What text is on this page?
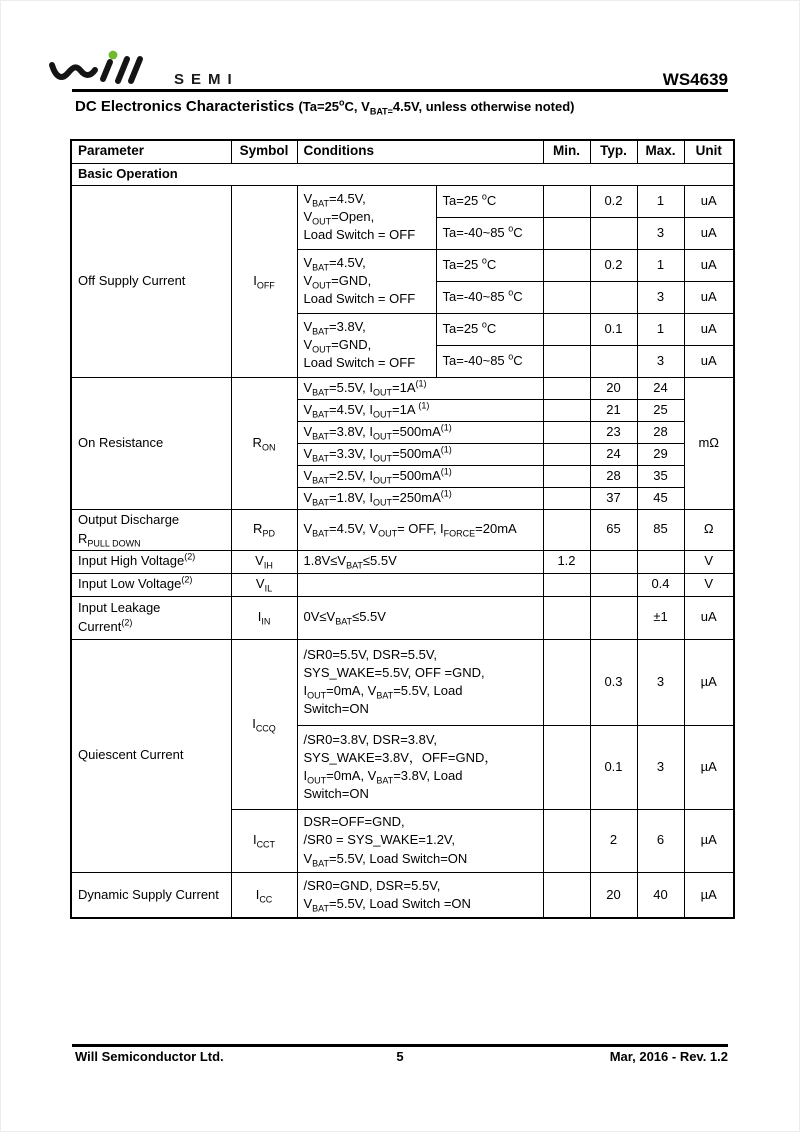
SEMI	WS4639
DC Electronics Characteristics ($Ta=25^oC$, $V_{BAT=}4.5V$, unless otherwise noted)
Parameter	Symbol	Conditions		Min.	Typ.	Max.	Unit
Basic Operation							
Off Supply Current	$I_{OFF}$	$V_{BAT}=4.5V$,
$V_{OUT}=Open$,
Load Switch = OFF	Ta=25 $^o$C		0.2	1	uA
			Ta=-40~85 $^o$C			3	uA
		$V_{BAT}=4.5V$,
$V_{OUT}=GND$,
Load Switch = OFF	Ta=25 $^o$C		0.2	1	uA
			Ta=-40~85 $^o$C			3	uA
		$V_{BAT}=3.8V$,
$V_{OUT}=GND$,
Load Switch = OFF	Ta=25 $^o$C		0.1	1	uA
			Ta=-40~85 $^o$C			3	uA
On Resistance	$R_{ON}$	$V_{BAT}=5.5V$, $I_{OUT}=1A^{(1)}$			20	24	mΩ
		$V_{BAT}=4.5V$, $I_{OUT}=1A$ $^{(1)}$			21	25	
		$V_{BAT}=3.8V$, $I_{OUT}=500mA^{(1)}$			23	28	
		$V_{BAT}=3.3V$, $I_{OUT}=500mA^{(1)}$			24	29	
		$V_{BAT}=2.5V$, $I_{OUT}=500mA^{(1)}$			28	35	
		$V_{BAT}=1.8V$, $I_{OUT}=250mA^{(1)}$			37	45	
Output Discharge
$R_{PULL DOWN}$	$R_{PD}$	$V_{BAT}=4.5V$, $V_{OUT}=$ OFF, $I_{FORCE}=20mA$			65	85	Ω
Input High Voltage$^{(2)}$	$V_{IH}$	$1.8V\le V_{BAT}\le 5.5V$		1.2			V
Input Low Voltage$^{(2)}$	$V_{IL}$					0.4	V
Input Leakage
Current$^{(2)}$	$I_{IN}$	$0V\le V_{BAT}\le 5.5V$				±1	uA
Quiescent Current	$I_{CCQ}$	/SR0=5.5V, DSR=5.5V,
SYS_WAKE=5.5V, OFF =GND,
$I_{OUT}=0mA$, $V_{BAT}=5.5V$, Load
Switch=ON			0.3	3	µA
		/SR0=3.8V, DSR=3.8V,
SYS_WAKE=3.8V，OFF=GND，
$I_{OUT}=0mA$, $V_{BAT}=3.8V$, Load
Switch=ON			0.1	3	µA
	$I_{CCT}$	DSR=OFF=GND,
/SR0 = SYS_WAKE=1.2V,
$V_{BAT}=5.5V$, Load Switch=ON			2	6	µA
Dynamic Supply Current	$I_{CC}$	/SR0=GND, DSR=5.5V,
$V_{BAT}=5.5V$, Load Switch =ON			20	40	µA
Will Semiconductor Ltd.	5	Mar, 2016 - Rev. 1.2
